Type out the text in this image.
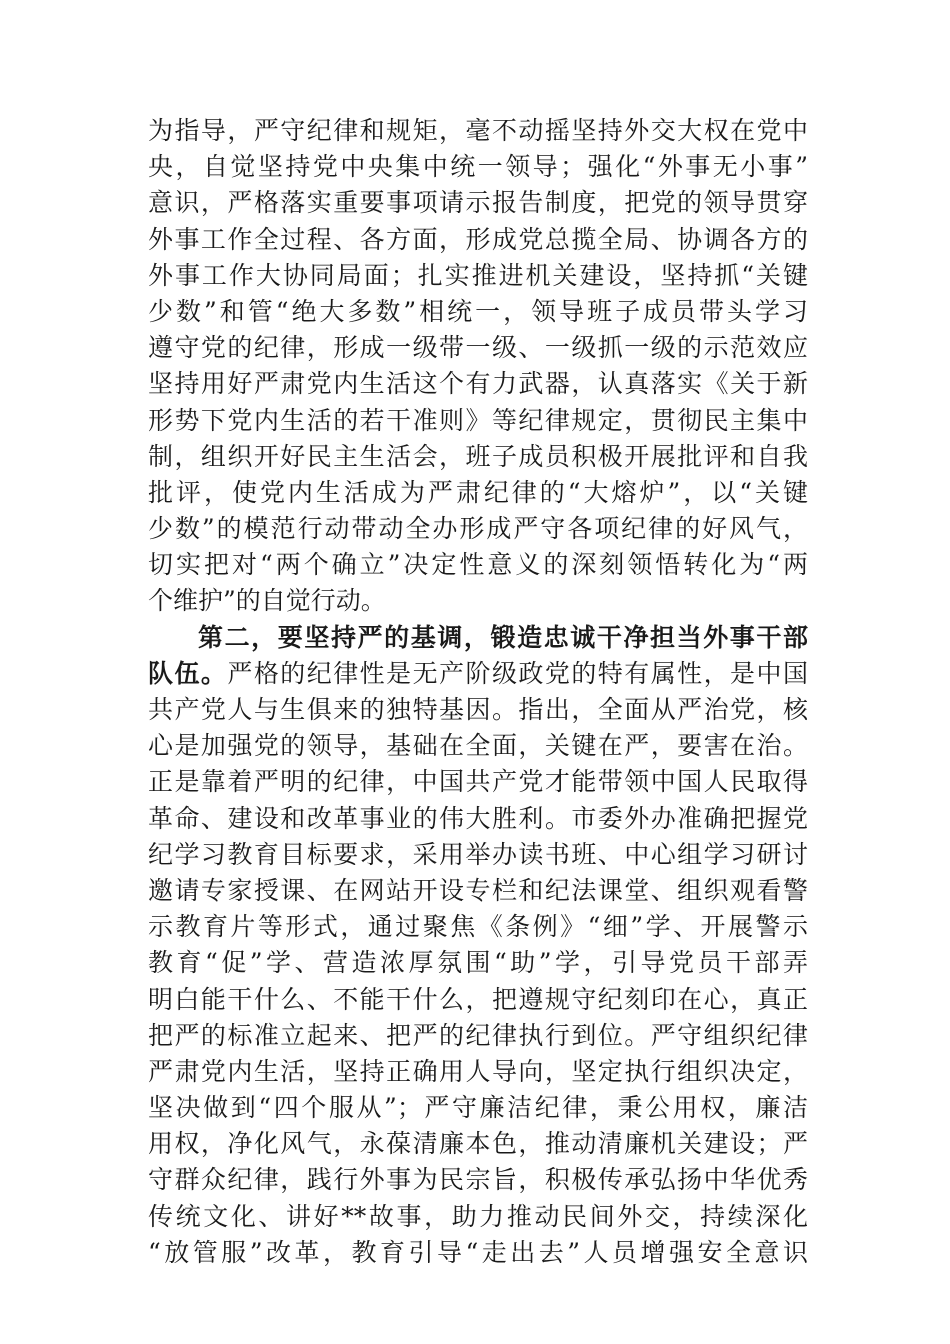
为指导，严守纪律和规矩，毫不动摇坚持外交大权在党中
央，自觉坚持党中央集中统一领导；强化“外事无小事”
意识，严格落实重要事项请示报告制度，把党的领导贯穿
外事工作全过程、各方面，形成党总揽全局、协调各方的
外事工作大协同局面；扎实推进机关建设，坚持抓“关键
少数”和管“绝大多数”相统一，领导班子成员带头学习
遵守党的纪律，形成一级带一级、一级抓一级的示范效应
坚持用好严肃党内生活这个有力武器，认真落实《关于新
形势下党内生活的若干准则》等纪律规定，贯彻民主集中
制，组织开好民主生活会，班子成员积极开展批评和自我
批评，使党内生活成为严肃纪律的“大熔炉”，以“关键
少数”的模范行动带动全办形成严守各项纪律的好风气，
切实把对“两个确立”决定性意义的深刻领悟转化为“两
个维护”的自觉行动。
第二，要坚持严的基调，锻造忠诚干净担当外事干部
队伍。严格的纪律性是无产阶级政党的特有属性，是中国
共产党人与生俱来的独特基因。指出，全面从严治党，核
心是加强党的领导，基础在全面，关键在严，要害在治。
正是靠着严明的纪律，中国共产党才能带领中国人民取得
革命、建设和改革事业的伟大胜利。市委外办准确把握党
纪学习教育目标要求，采用举办读书班、中心组学习研讨
邀请专家授课、在网站开设专栏和纪法课堂、组织观看警
示教育片等形式，通过聚焦《条例》“细”学、开展警示
教育“促”学、营造浓厚氛围“助”学，引导党员干部弄
明白能干什么、不能干什么，把遵规守纪刻印在心，真正
把严的标准立起来、把严的纪律执行到位。严守组织纪律
严肃党内生活，坚持正确用人导向，坚定执行组织决定，
坚决做到“四个服从”；严守廉洁纪律，秉公用权，廉洁
用权，净化风气，永葆清廉本色，推动清廉机关建设；严
守群众纪律，践行外事为民宗旨，积极传承弘扬中华优秀
传统文化、讲好**故事，助力推动民间外交，持续深化
“放管服”改革，教育引导“走出去”人员增强安全意识
